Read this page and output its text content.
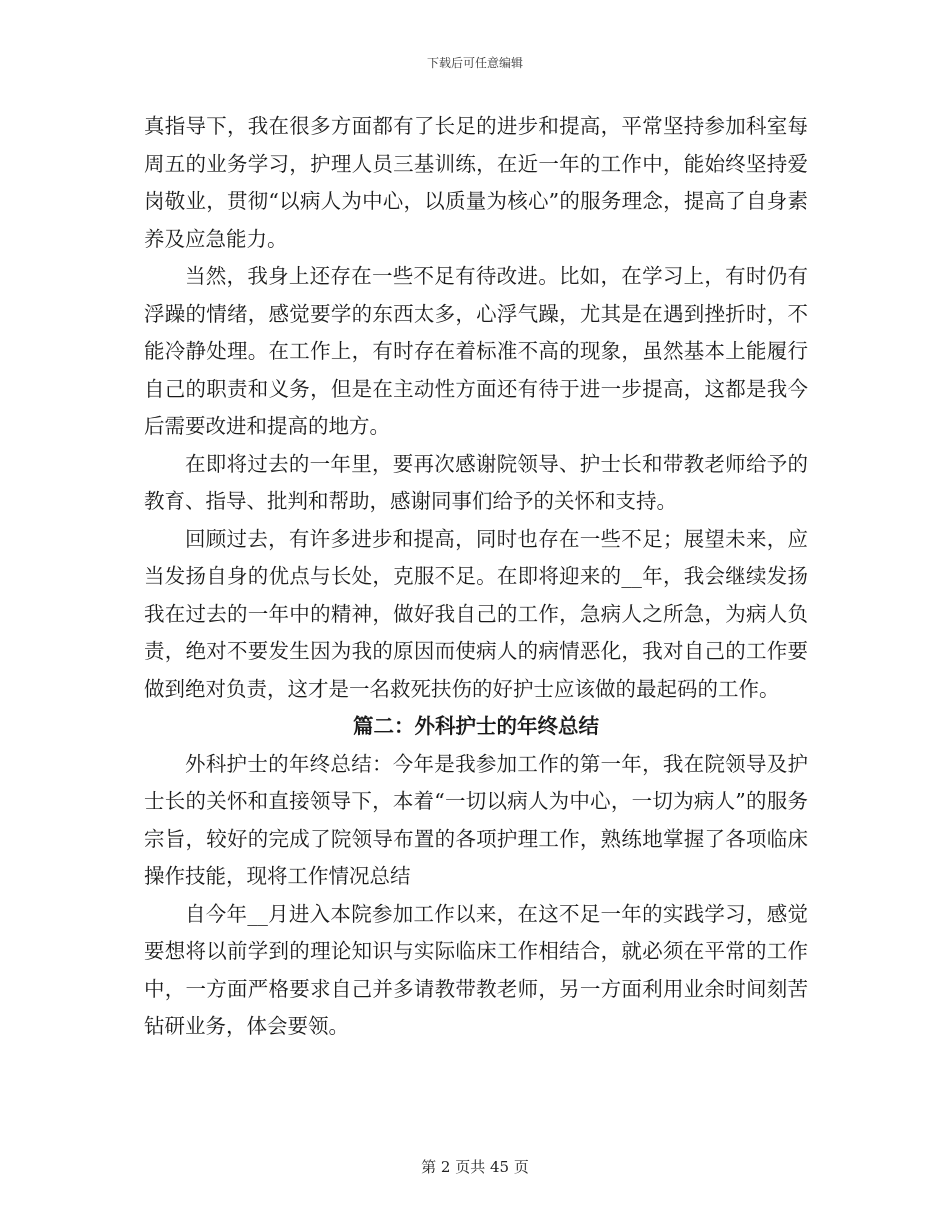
下载后可任意编辑

真指导下，我在很多方面都有了长足的进步和提高，平常坚持参加科室每周五的业务学习，护理人员三基训练，在近一年的工作中，能始终坚持爱岗敬业，贯彻“以病人为中心，以质量为核心”的服务理念，提高了自身素养及应急能力。

当然，我身上还存在一些不足有待改进。比如，在学习上，有时仍有浮躁的情绪，感觉要学的东西太多，心浮气躁，尤其是在遇到挫折时，不能冷静处理。在工作上，有时存在着标准不高的现象，虽然基本上能履行自己的职责和义务，但是在主动性方面还有待于进一步提高，这都是我今后需要改进和提高的地方。

在即将过去的一年里，要再次感谢院领导、护士长和带教老师给予的教育、指导、批判和帮助，感谢同事们给予的关怀和支持。

回顾过去，有许多进步和提高，同时也存在一些不足；展望未来，应当发扬自身的优点与长处，克服不足。在即将迎来的__年，我会继续发扬我在过去的一年中的精神，做好我自己的工作，急病人之所急，为病人负责，绝对不要发生因为我的原因而使病人的病情恶化，我对自己的工作要做到绝对负责，这才是一名救死扶伤的好护士应该做的最起码的工作。

篇二：外科护士的年终总结

外科护士的年终总结：今年是我参加工作的第一年，我在院领导及护士长的关怀和直接领导下，本着“一切以病人为中心，一切为病人”的服务宗旨，较好的完成了院领导布置的各项护理工作，熟练地掌握了各项临床操作技能，现将工作情况总结

自今年__月进入本院参加工作以来，在这不足一年的实践学习，感觉要想将以前学到的理论知识与实际临床工作相结合，就必须在平常的工作中，一方面严格要求自己并多请教带教老师，另一方面利用业余时间刻苦钻研业务，体会要领。

第 2 页共 45 页
